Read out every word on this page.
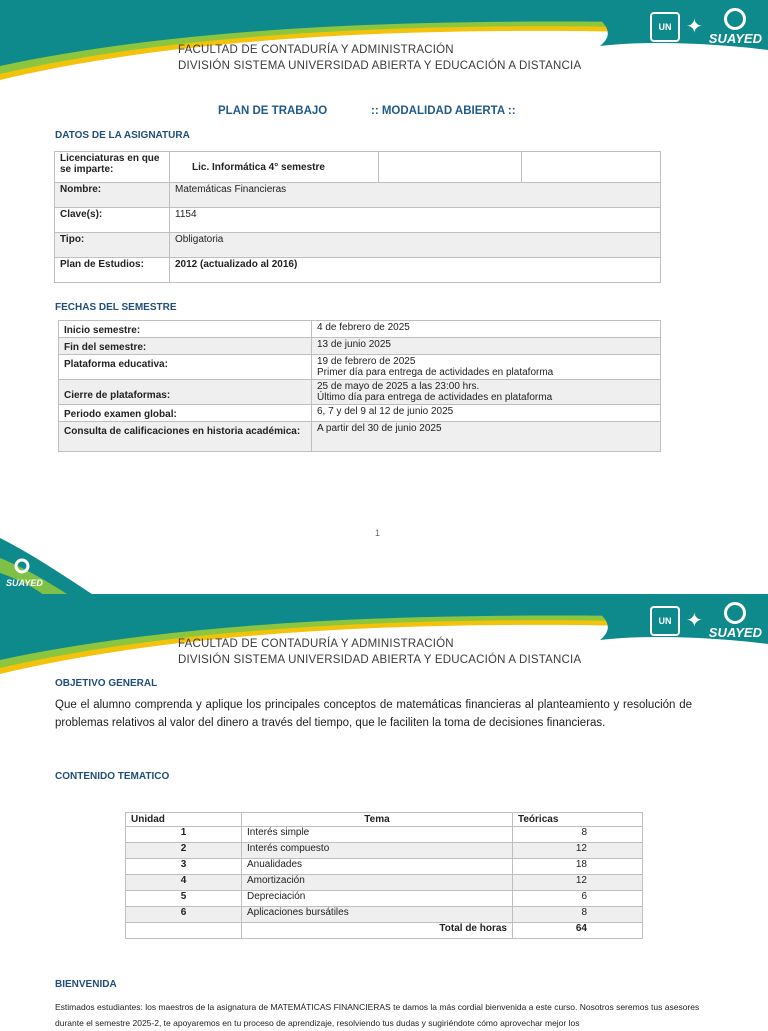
UN ✦
SUAYED
FACULTAD DE CONTADURÍA Y ADMINISTRACIÓN
DIVISIÓN SISTEMA UNIVERSIDAD ABIERTA Y EDUCACIÓN A DISTANCIA
PLAN DE TRABAJO	:: MODALIDAD ABIERTA ::
DATOS DE LA ASIGNATURA
Licenciaturas en que se imparte:	Lic. Informática 4° semestre		
Nombre:	Matemáticas Financieras		
Clave(s):	1154		
Tipo:	Obligatoria		
Plan de Estudios:	2012 (actualizado al 2016)		
FECHAS DEL SEMESTRE
Inicio semestre:	4 de febrero de 2025
Fin del semestre:	13 de junio 2025
Plataforma educativa:	19 de febrero de 2025
Primer día para entrega de actividades en plataforma

Cierre de plataformas:	25 de mayo de 2025 a las 23:00 hrs.
Último día para entrega de actividades en plataforma

Periodo examen global:	6, 7 y del 9 al 12 de junio 2025
Consulta de calificaciones en historia académica:	A partir del 30 de junio 2025
1
SUAYED
UN ✦
SUAYED
FACULTAD DE CONTADURÍA Y ADMINISTRACIÓN
DIVISIÓN SISTEMA UNIVERSIDAD ABIERTA Y EDUCACIÓN A DISTANCIA
OBJETIVO GENERAL
Que el alumno comprenda y aplique los principales conceptos de matemáticas financieras al planteamiento y resolución de problemas relativos al valor del dinero a través del tiempo, que le faciliten la toma de decisiones financieras.
CONTENIDO TEMATICO
Unidad	Tema	Teóricas
1	Interés simple	8
2	Interés compuesto	12
3	Anualidades	18
4	Amortización	12
5	Depreciación	6
6	Aplicaciones bursátiles	8
	Total de horas	64
BIENVENIDA
Estimados estudiantes: los maestros de la asignatura de MATEMÁTICAS FINANCIERAS te damos la más cordial bienvenida a este curso. Nosotros seremos tus asesores durante el semestre 2025-2, te apoyaremos en tu proceso de aprendizaje, resolviendo tus dudas y sugiriéndote cómo aprovechar mejor los
